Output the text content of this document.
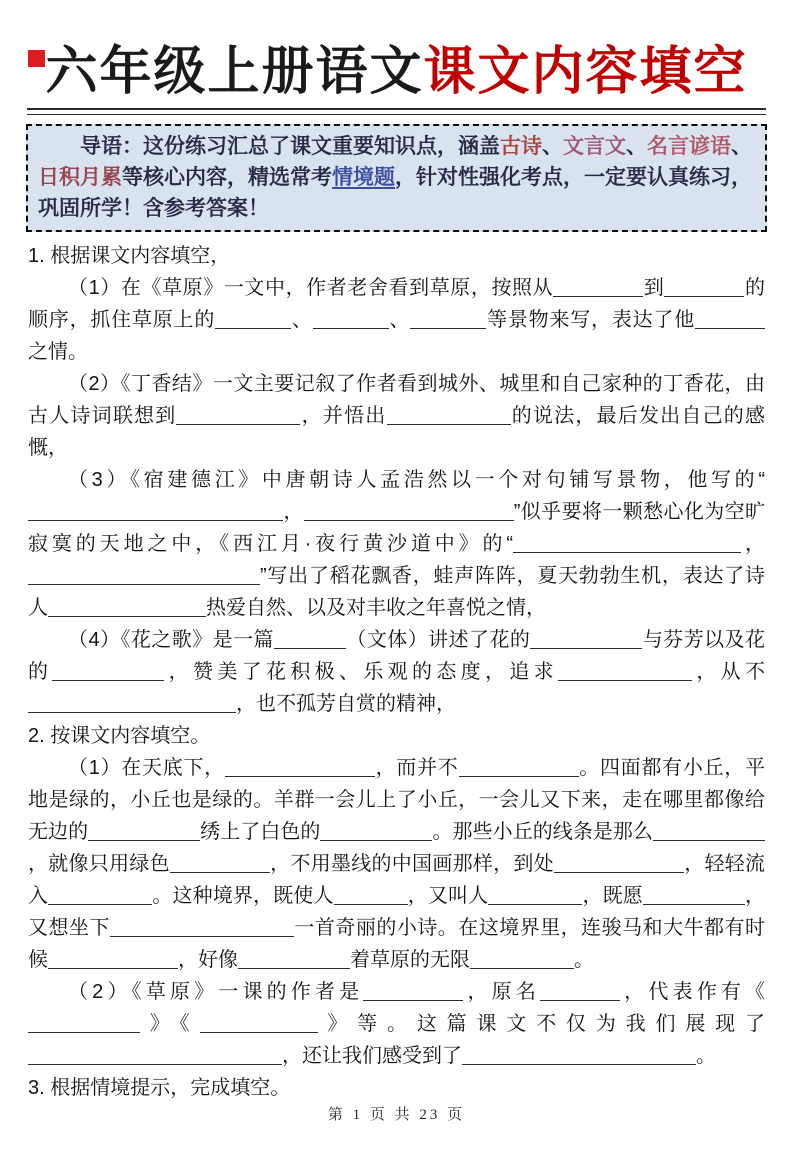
六年级上册语文课文内容填空
导语：这份练习汇总了课文重要知识点，涵盖古诗、文言文、名言谚语、
日积月累等核心内容，精选常考情境题，针对性强化考点，一定要认真练习，
巩固所学！含参考答案！

1. 根据课文内容填空，

（1）在《草原》一文中，作者老舍看到草原，按照从	到	的顺序，抓住草原上的	、	、	等景物来写，表达了他之情。

（2）《丁香结》一文主要记叙了作者看到城外、城里和自己家种的丁香花，由古人诗词联想到	，并悟出	的说法，最后发出自己的感慨，

（3）《宿建德江》中唐朝诗人孟浩然以一个对句铺写景物，他写的“，	”似乎要将一颗愁心化为空旷寂寞的天地之中，《西江月·夜行黄沙道中》的“	，”写出了稻花飘香，蛙声阵阵，夏天勃勃生机，表达了诗人	热爱自然、以及对丰收之年喜悦之情，

（4）《花之歌》是一篇	（文体）讲述了花的	与芬芳以及花的	，赞美了花积极、乐观的态度，追求	，从不，也不孤芳自赏的精神，

2. 按课文内容填空。

（1）在天底下，	，而并不	。四面都有小丘，平地是绿的，小丘也是绿的。羊群一会儿上了小丘，一会儿又下来，走在哪里都像给无边的	绣上了白色的	。那些小丘的线条是那么，就像只用绿色	，不用墨线的中国画那样，到处	，轻轻流入	。这种境界，既使人	，又叫人	，既愿	，又想坐下	一首奇丽的小诗。在这境界里，连骏马和大牛都有时候	，好像	着草原的无限	。

（2）《草原》一课的作者是	，原名	，代表作有《》《	》等。这篇课文不仅为我们展现了，还让我们感受到了	。

3. 根据情境提示，完成填空。

第 1 页 共 23 页
